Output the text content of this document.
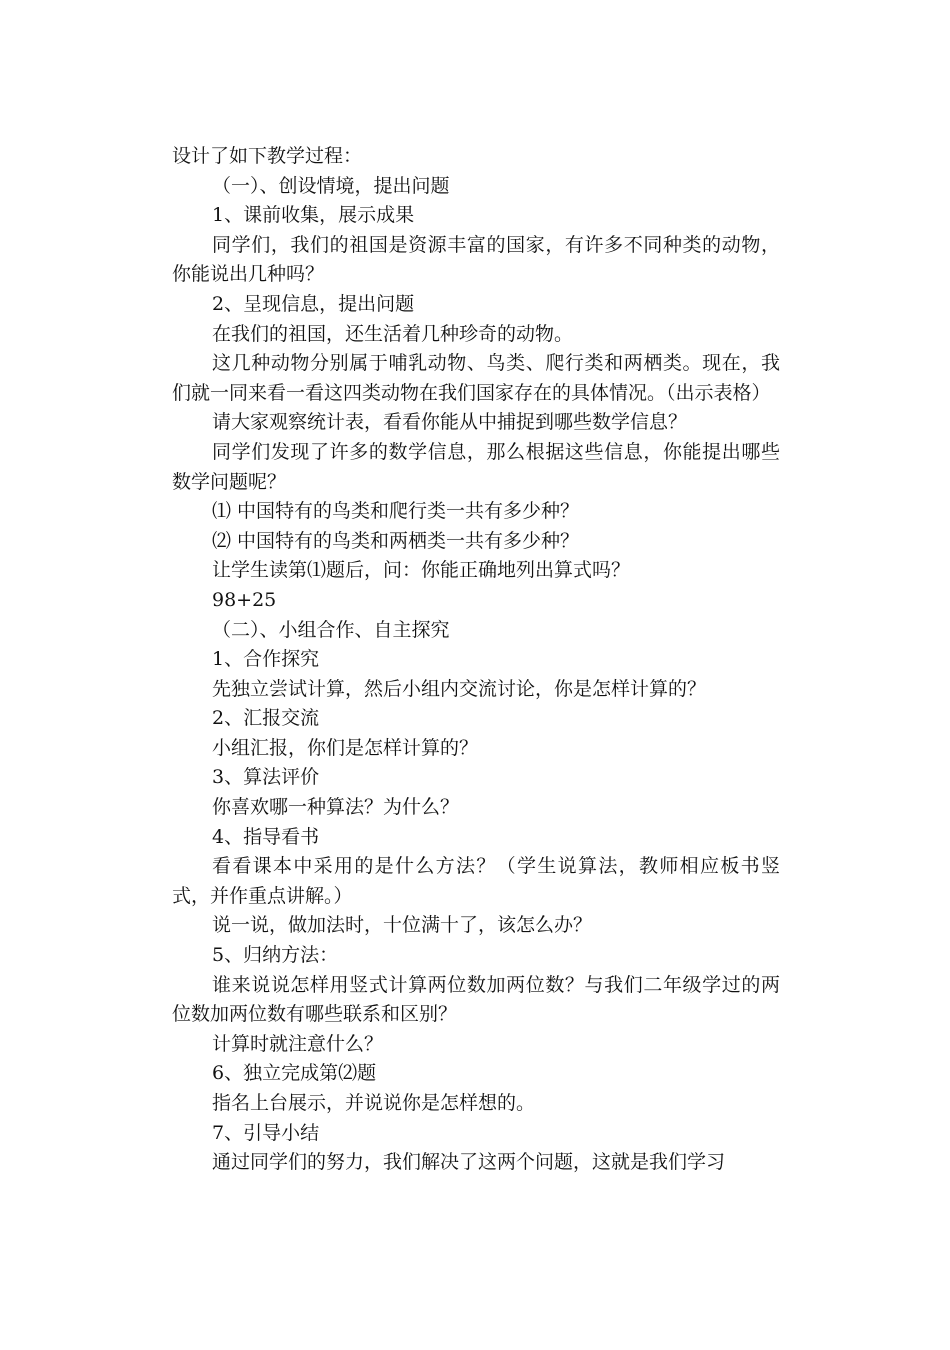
设计了如下教学过程：

（一）、创设情境，提出问题

1、课前收集，展示成果

同学们，我们的祖国是资源丰富的国家，有许多不同种类的动物，你能说出几种吗？

2、呈现信息，提出问题

在我们的祖国，还生活着几种珍奇的动物。

这几种动物分别属于哺乳动物、鸟类、爬行类和两栖类。现在，我们就一同来看一看这四类动物在我们国家存在的具体情况。（出示表格）

请大家观察统计表，看看你能从中捕捉到哪些数学信息？

同学们发现了许多的数学信息，那么根据这些信息，你能提出哪些数学问题呢？

⑴ 中国特有的鸟类和爬行类一共有多少种？

⑵ 中国特有的鸟类和两栖类一共有多少种？

让学生读第⑴题后，问：你能正确地列出算式吗？

98+25

（二）、小组合作、自主探究

1、合作探究

先独立尝试计算，然后小组内交流讨论，你是怎样计算的？

2、汇报交流

小组汇报，你们是怎样计算的？

3、算法评价

你喜欢哪一种算法？为什么？

4、指导看书

看看课本中采用的是什么方法？（学生说算法，教师相应板书竖式，并作重点讲解。）

说一说，做加法时，十位满十了，该怎么办？

5、归纳方法：

谁来说说怎样用竖式计算两位数加两位数？与我们二年级学过的两位数加两位数有哪些联系和区别？

计算时就注意什么？

6、独立完成第⑵题

指名上台展示，并说说你是怎样想的。

7、引导小结

通过同学们的努力，我们解决了这两个问题，这就是我们学习
